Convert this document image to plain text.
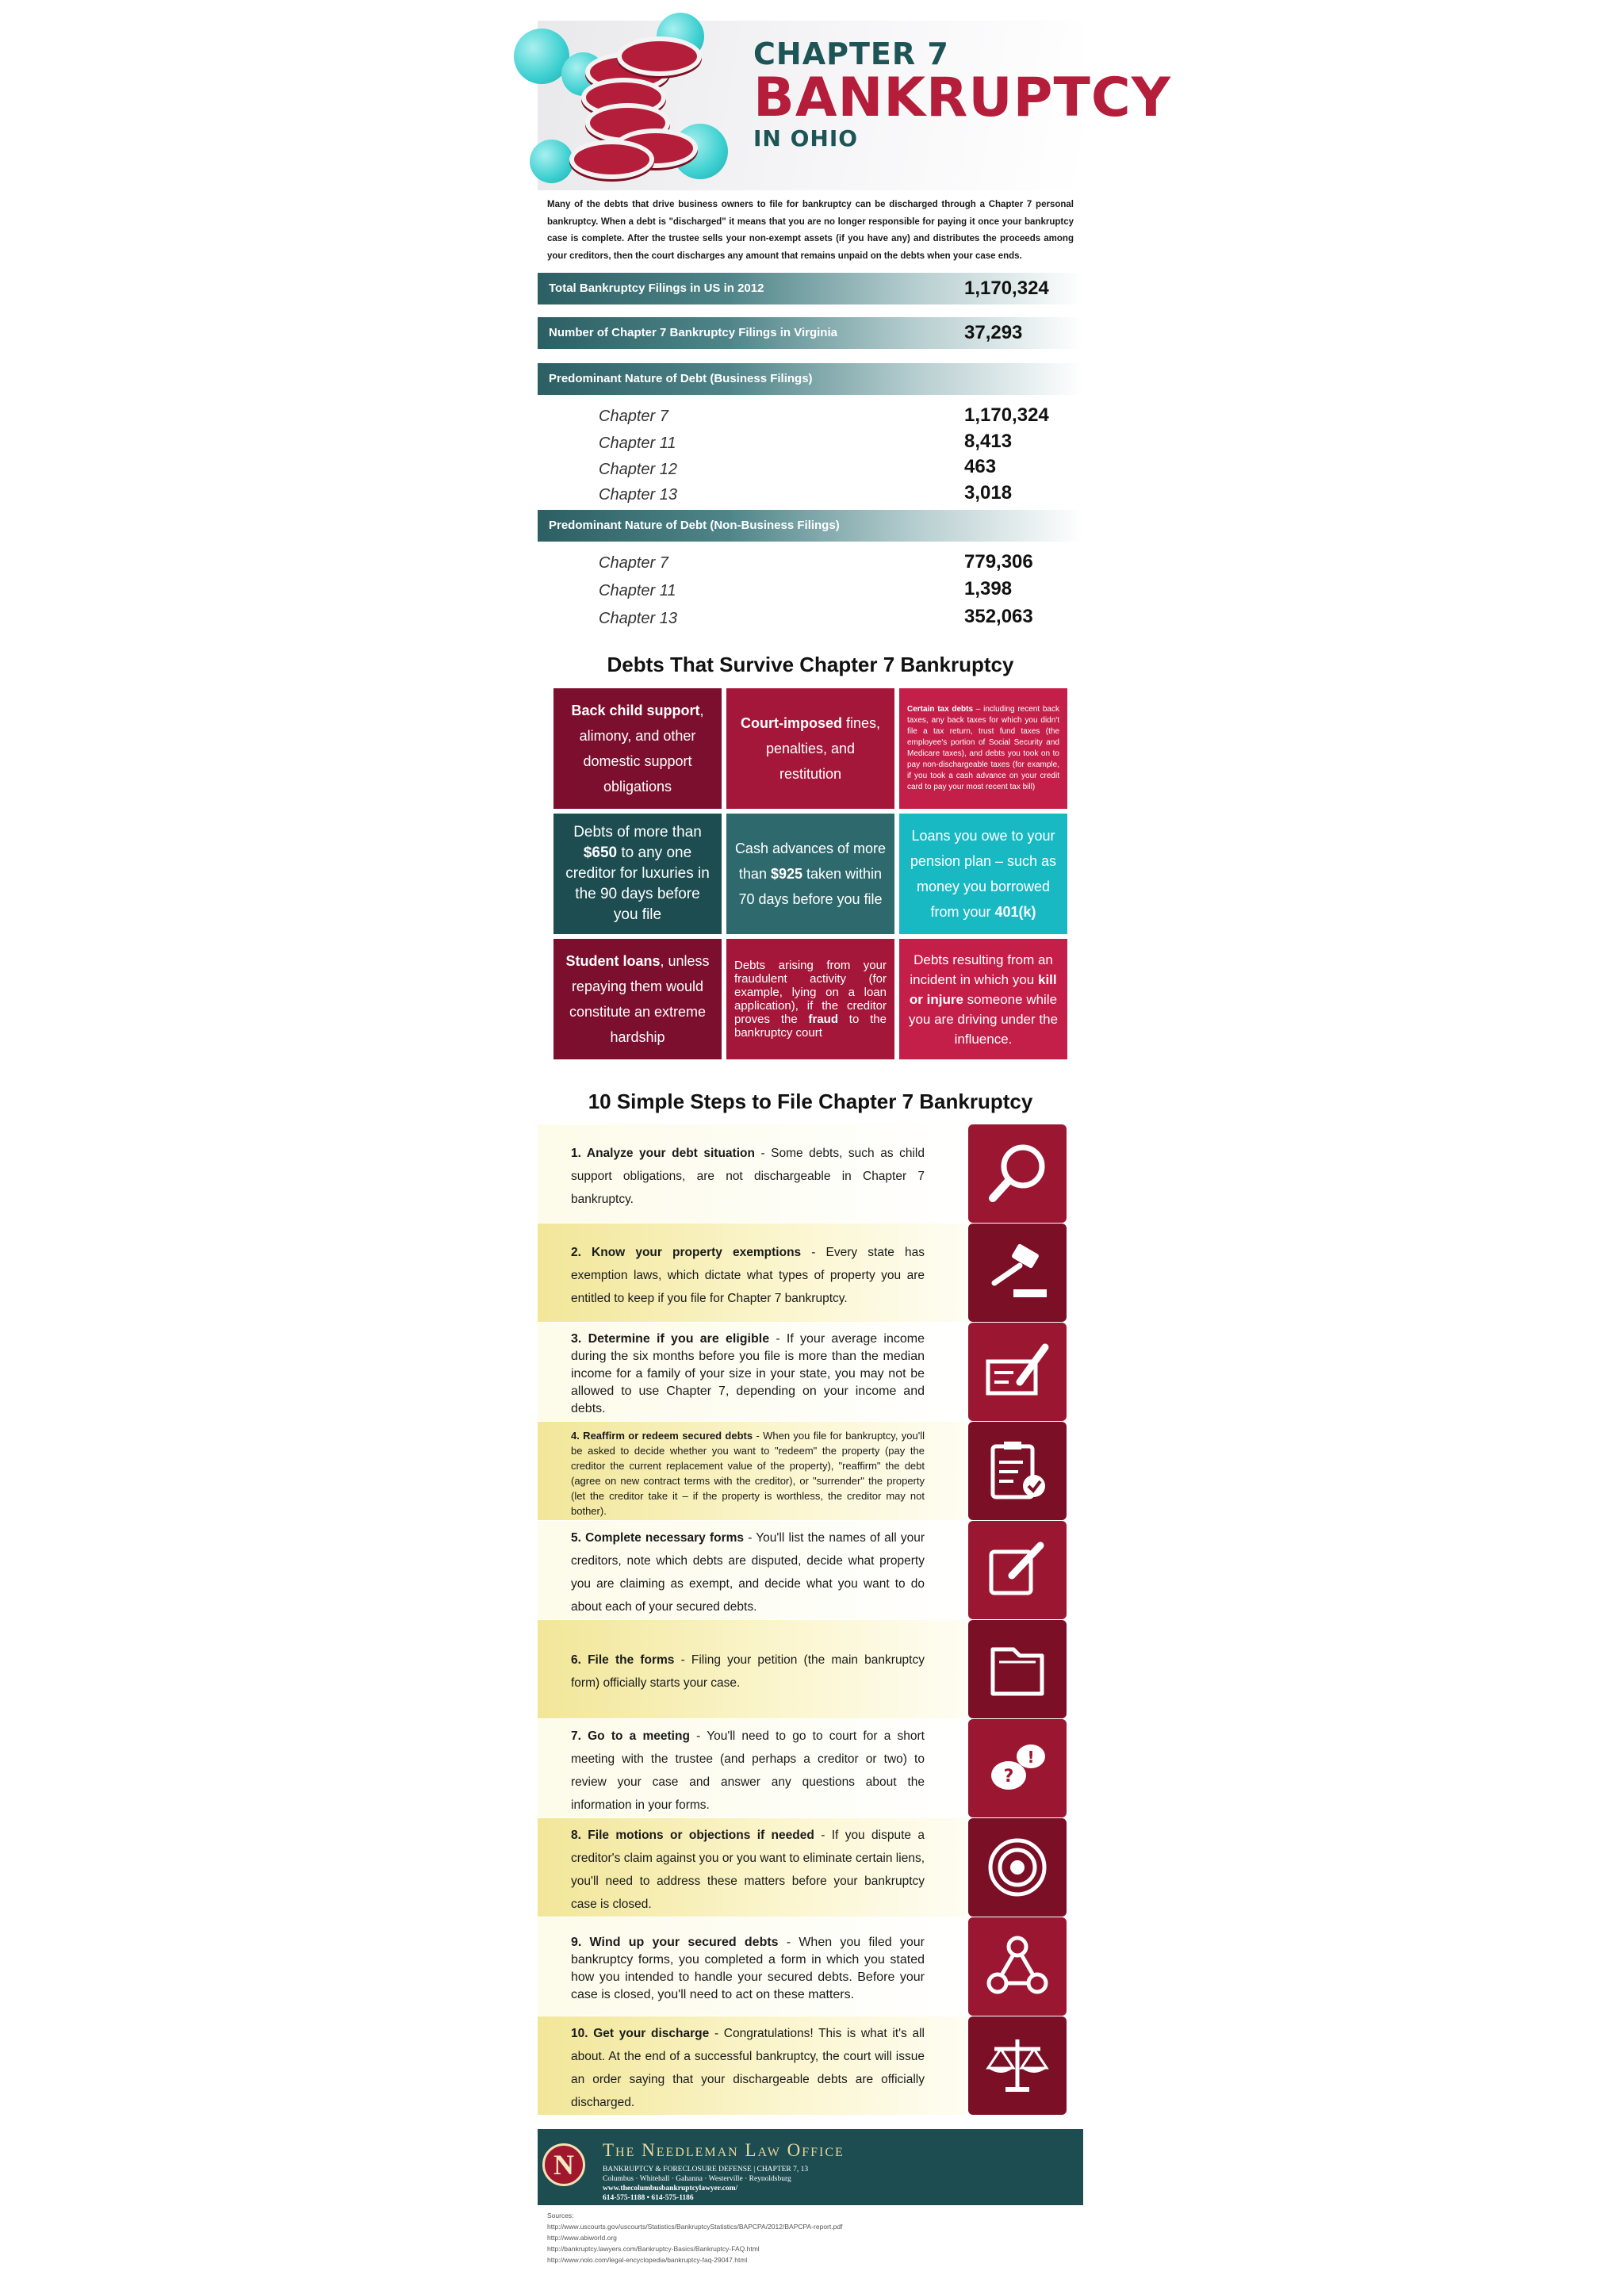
CHAPTER 7
BANKRUPTCY
IN OHIO
Many of the debts that drive business owners to file for bankruptcy can be discharged through a Chapter 7 personal bankruptcy. When a debt is "discharged" it means that you are no longer responsible for paying it once your bankruptcy case is complete. After the trustee sells your non-exempt assets (if you have any) and distributes the proceeds among your creditors, then the court discharges any amount that remains unpaid on the debts when your case ends.
Total Bankruptcy Filings in US in 2012	1,170,324
Number of Chapter 7 Bankruptcy Filings in Virginia	37,293
Predominant Nature of Debt (Business Filings)
Chapter 7	1,170,324
Chapter 11	8,413
Chapter 12	463
Chapter 13	3,018
Predominant Nature of Debt (Non-Business Filings)
Chapter 7	779,306
Chapter 11	1,398
Chapter 13	352,063
Debts That Survive Chapter 7 Bankruptcy
Back child support, alimony, and other domestic support obligations
Court-imposed fines, penalties, and restitution
Certain tax debts – including recent back taxes, any back taxes for which you didn't file a tax return, trust fund taxes (the employee's portion of Social Security and Medicare taxes), and debts you took on to pay non-dischargeable taxes (for example, if you took a cash advance on your credit card to pay your most recent tax bill)
Debts of more than $650 to any one creditor for luxuries in the 90 days before you file
Cash advances of more than $925 taken within 70 days before you file
Loans you owe to your pension plan – such as money you borrowed from your 401(k)
Student loans, unless repaying them would constitute an extreme hardship
Debts arising from your fraudulent activity (for example, lying on a loan application), if the creditor proves the fraud to the bankruptcy court
Debts resulting from an incident in which you kill or injure someone while you are driving under the influence.
10 Simple Steps to File Chapter 7 Bankruptcy
1. Analyze your debt situation - Some debts, such as child support obligations, are not dischargeable in Chapter 7 bankruptcy.
2. Know your property exemptions - Every state has exemption laws, which dictate what types of property you are entitled to keep if you file for Chapter 7 bankruptcy.
3. Determine if you are eligible - If your average income during the six months before you file is more than the median income for a family of your size in your state, you may not be allowed to use Chapter 7, depending on your income and debts.
4. Reaffirm or redeem secured debts - When you file for bankruptcy, you'll be asked to decide whether you want to "redeem" the property (pay the creditor the current replacement value of the property), "reaffirm" the debt (agree on new contract terms with the creditor), or "surrender" the property (let the creditor take it – if the property is worthless, the creditor may not bother).
5. Complete necessary forms - You'll list the names of all your creditors, note which debts are disputed, decide what property you are claiming as exempt, and decide what you want to do about each of your secured debts.
6. File the forms - Filing your petition (the main bankruptcy form) officially starts your case.
7. Go to a meeting - You'll need to go to court for a short meeting with the trustee (and perhaps a creditor or two) to review your case and answer any questions about the information in your forms.
?
!
8. File motions or objections if needed - If you dispute a creditor's claim against you or you want to eliminate certain liens, you'll need to address these matters before your bankruptcy case is closed.
9. Wind up your secured debts - When you filed your bankruptcy forms, you completed a form in which you stated how you intended to handle your secured debts. Before your case is closed, you'll need to act on these matters.
10. Get your discharge - Congratulations! This is what it's all about. At the end of a successful bankruptcy, the court will issue an order saying that your dischargeable debts are officially discharged.
N	The Needleman Law Office
BANKRUPTCY & FORECLOSURE DEFENSE | CHAPTER 7, 13
Columbus · Whitehall · Gahanna · Westerville · Reynoldsburg
www.thecolumbusbankruptcylawyer.com/
614-575-1188 • 614-575-1186
Sources:
http://www.uscourts.gov/uscourts/Statistics/BankruptcyStatistics/BAPCPA/2012/BAPCPA-report.pdf
http://www.abiworld.org
http://bankruptcy.lawyers.com/Bankruptcy-Basics/Bankruptcy-FAQ.html
http://www.nolo.com/legal-encyclopedia/bankruptcy-faq-29047.html
